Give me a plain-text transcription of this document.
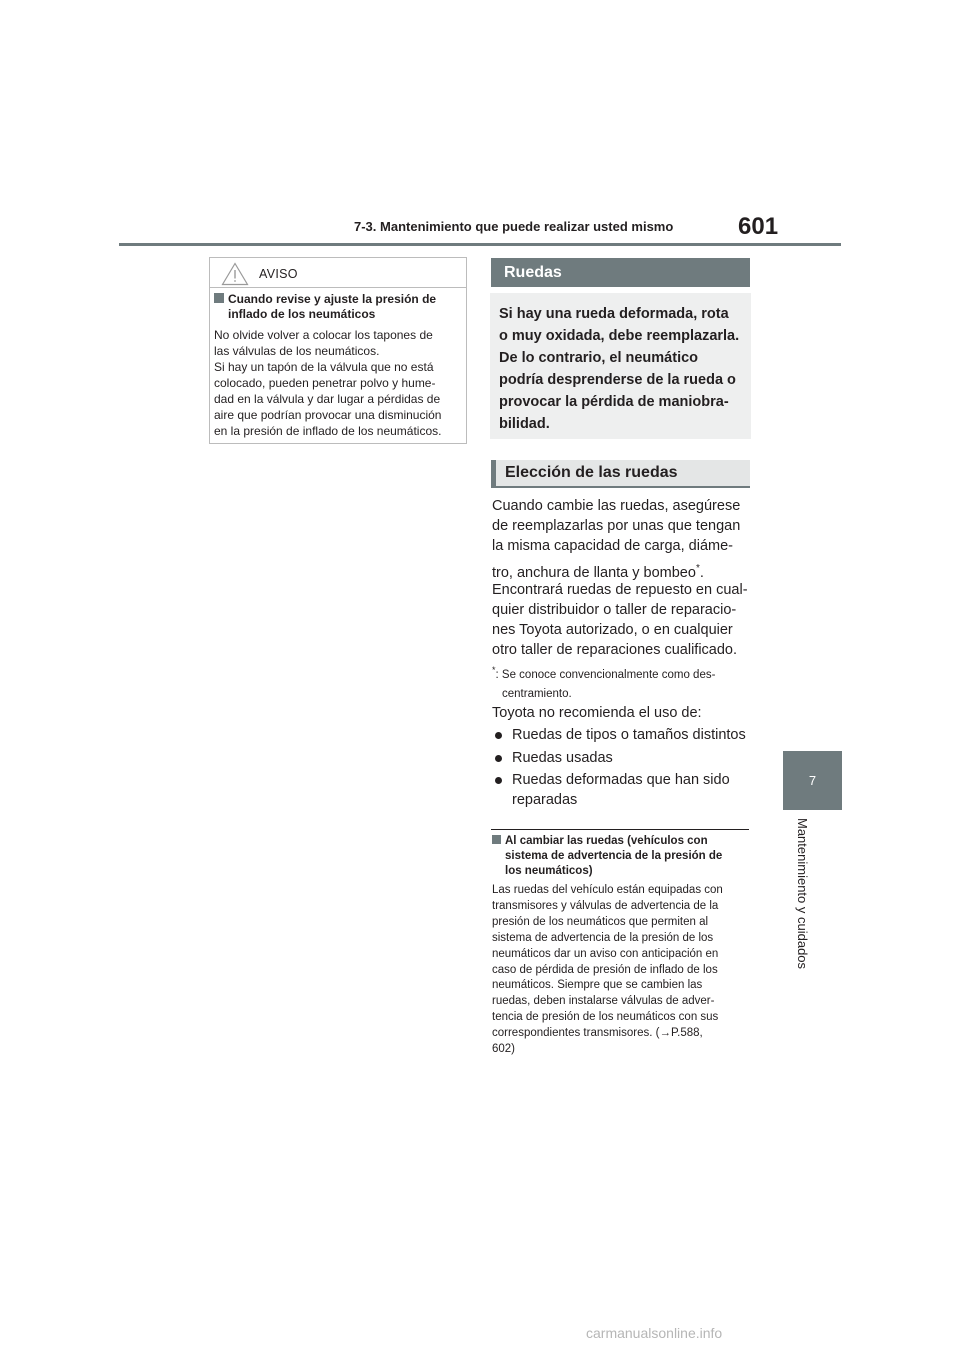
7-3. Mantenimiento que puede realizar usted mismo	601
7
Mantenimiento y cuidados
AVISO
Cuando revise y ajuste la presión de
inflado de los neumáticos
No olvide volver a colocar los tapones de
las válvulas de los neumáticos.
Si hay un tapón de la válvula que no está
colocado, pueden penetrar polvo y hume-
dad en la válvula y dar lugar a pérdidas de
aire que podrían provocar una disminución
en la presión de inflado de los neumáticos.
Ruedas
Si hay una rueda deformada, rota
o muy oxidada, debe reemplazarla.
De lo contrario, el neumático
podría desprenderse de la rueda o
provocar la pérdida de maniobra-
bilidad.
Elección de las ruedas
Cuando cambie las ruedas, asegúrese
de reemplazarlas por unas que tengan
la misma capacidad de carga, diáme-
tro, anchura de llanta y bombeo*.
Encontrará ruedas de repuesto en cual-
quier distribuidor o taller de reparacio-
nes Toyota autorizado, o en cualquier
otro taller de reparaciones cualificado.
*: Se conoce convencionalmente como des-
centramiento.
Toyota no recomienda el uso de:
Ruedas de tipos o tamaños distintos
Ruedas usadas
Ruedas deformadas que han sido reparadas
Al cambiar las ruedas (vehículos con
sistema de advertencia de la presión de
los neumáticos)
Las ruedas del vehículo están equipadas con
transmisores y válvulas de advertencia de la
presión de los neumáticos que permiten al
sistema de advertencia de la presión de los
neumáticos dar un aviso con anticipación en
caso de pérdida de presión de inflado de los
neumáticos. Siempre que se cambien las
ruedas, deben instalarse válvulas de adver-
tencia de presión de los neumáticos con sus
correspondientes transmisores. (→P.588,
602)
carmanualsonline.info
